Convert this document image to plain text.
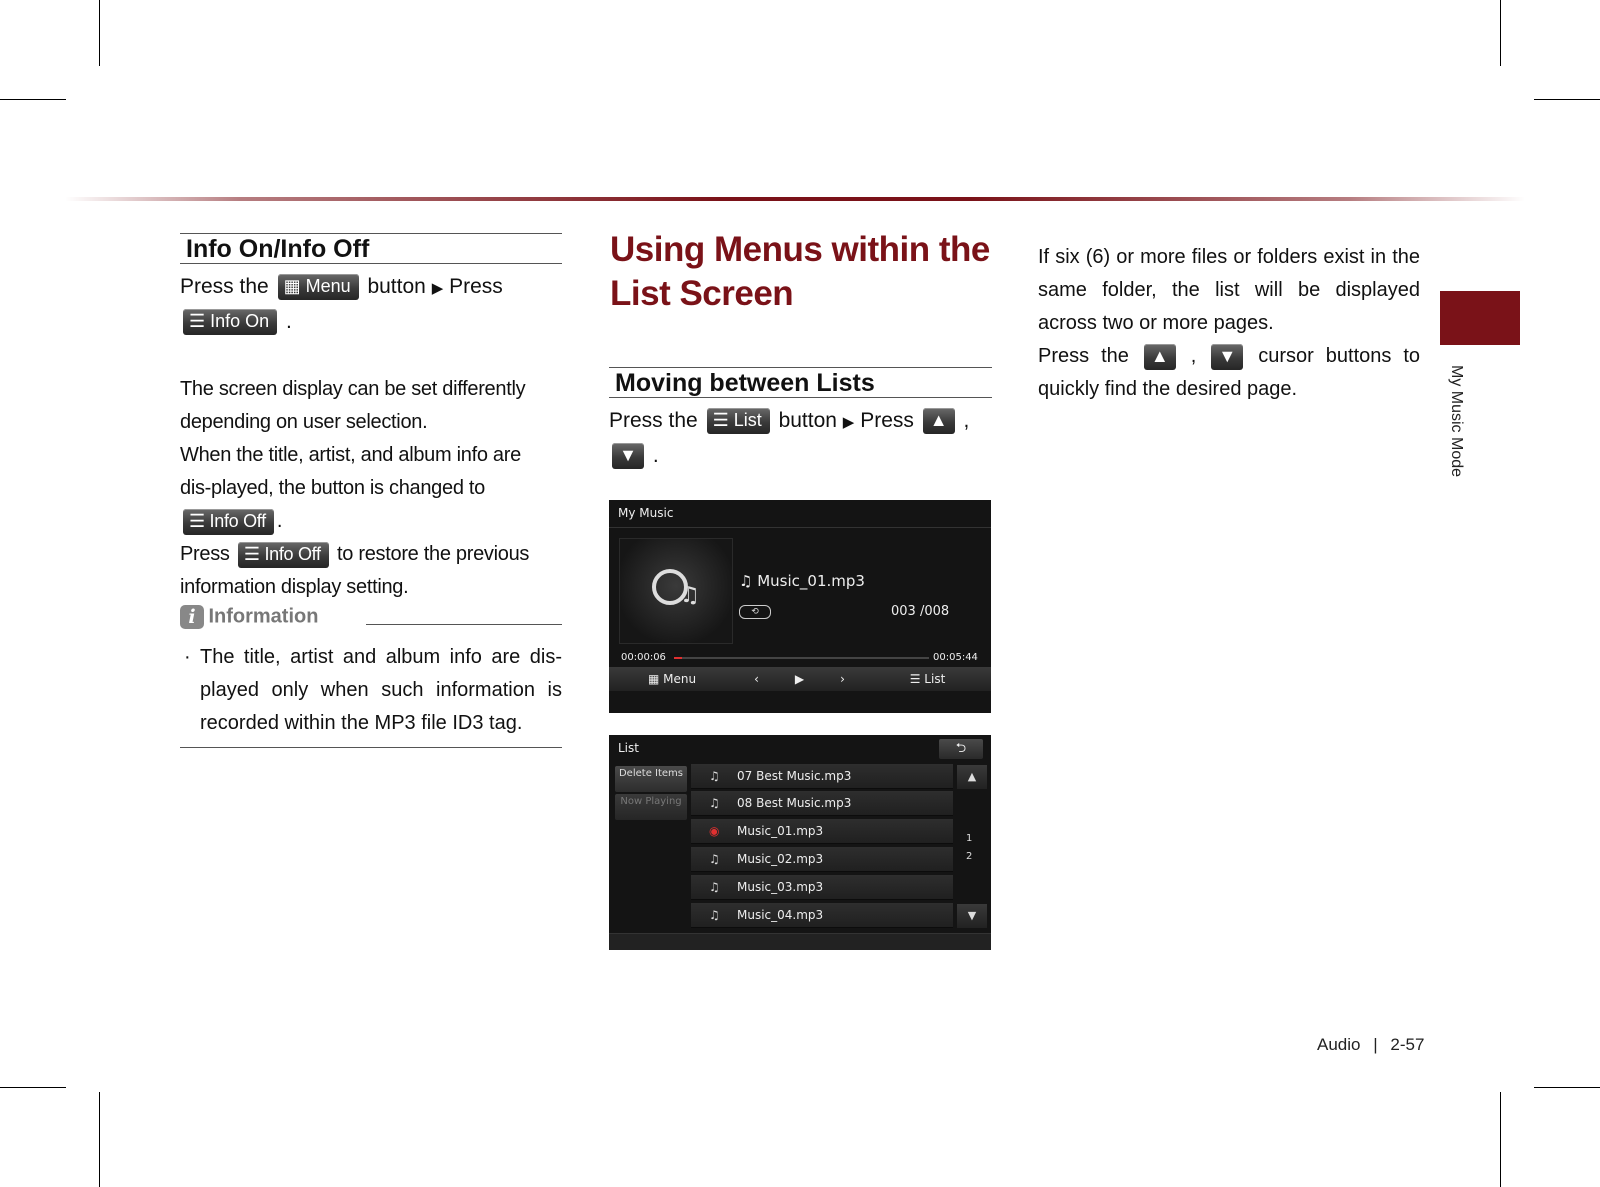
Info On/Info Off
Press the ▦ Menu button ▶ Press
☰ Info On .
The screen display can be set differently depending on user selection.
When the title, artist, and album info are dis-played, the button is changed to ☰ Info Off .
Press ☰ Info Off to restore the previous information display setting.
i Information
· The title, artist and album info are dis-played only when such information is recorded within the MP3 file ID3 tag.
Using Menus within the List Screen
Moving between Lists
Press the ☰ List button ▶ Press ▲ ,
▼ .
My Music
♫
♫ Music_01.mp3
⟲	003 /008
00:00:06	00:05:44
▦ Menu	‹	▶	›	☰ List
List	⮌
Delete Items
Now Playing
♫ 07 Best Music.mp3
♫ 08 Best Music.mp3
◉ Music_01.mp3
♫ Music_02.mp3
♫ Music_03.mp3
♫ Music_04.mp3
▲
1
2
▼
If six (6) or more files or folders exist in the same folder, the list will be displayed across two or more pages.
Press the ▲ , ▼ cursor buttons to quickly find the desired page.	My Music Mode
Audio | 2-57
